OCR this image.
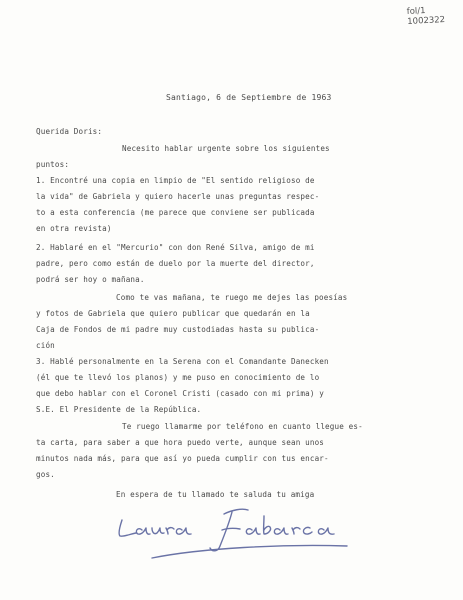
fol/1
1002322
Santiago, 6 de Septiembre de 1963
Querida Doris:
Necesito hablar urgente sobre los siguientes
puntos:
1. Encontré una copia en limpio de "El sentido religioso de
la vida" de Gabriela y quiero hacerle unas preguntas respec-
to a esta conferencia (me parece que conviene ser publicada
en otra revista)
2. Hablaré en el "Mercurio" con don René Silva, amigo de mi
padre, pero como están de duelo por la muerte del director,
podrá ser hoy o mañana.
Como te vas mañana, te ruego me dejes las poesías
y fotos de Gabriela que quiero publicar que quedarán en la
Caja de Fondos de mi padre muy custodiadas hasta su publica-
ción
3. Hablé personalmente en la Serena con el Comandante Danecken
(él que te llevó los planos) y me puso en conocimiento de lo
que debo hablar con el Coronel Cristi (casado con mi prima) y
S.E. El Presidente de la República.
Te ruego llamarme por teléfono en cuanto llegue es-
ta carta, para saber a que hora puedo verte, aunque sean unos
minutos nada más, para que así yo pueda cumplir con tus encar-
gos.
En espera de tu llamado te saluda tu amiga
